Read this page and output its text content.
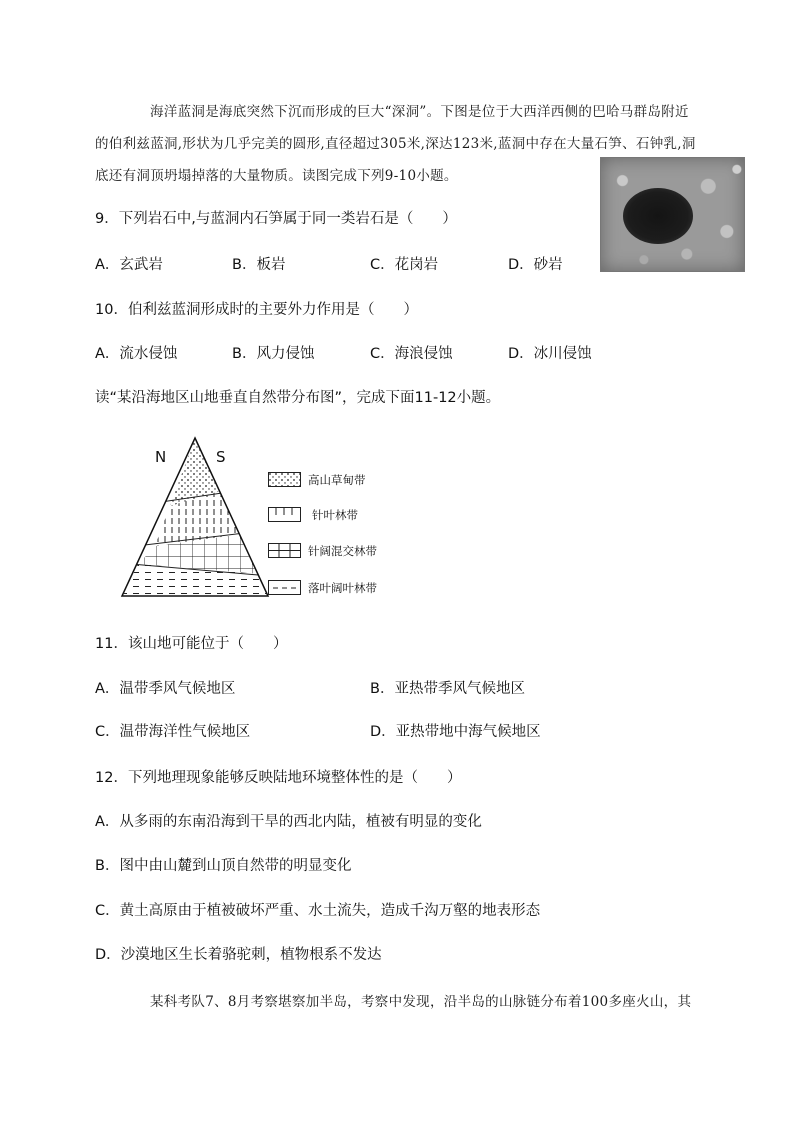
海洋蓝洞是海底突然下沉而形成的巨大“深洞”。下图是位于大西洋西侧的巴哈马群岛附近
的伯利兹蓝洞,形状为几乎完美的圆形,直径超过305米,深达123米,蓝洞中存在大量石笋、石钟乳,洞
底还有洞顶坍塌掉落的大量物质。读图完成下列9-10小题。
9．下列岩石中,与蓝洞内石笋属于同一类岩石是（　　）
A．玄武岩	B．板岩	C．花岗岩	D．砂岩
10．伯利兹蓝洞形成时的主要外力作用是（　　）
A．流水侵蚀	B．风力侵蚀	C．海浪侵蚀	D．冰川侵蚀
读“某沿海地区山地垂直自然带分布图”，完成下面11-12小题。
N	S
高山草甸带
针叶林带
针阔混交林带
落叶阔叶林带
11．该山地可能位于（　　）
A．温带季风气候地区	B．亚热带季风气候地区
C．温带海洋性气候地区	D．亚热带地中海气候地区
12．下列地理现象能够反映陆地环境整体性的是（　　）
A．从多雨的东南沿海到干旱的西北内陆，植被有明显的变化
B．图中由山麓到山顶自然带的明显变化
C．黄土高原由于植被破坏严重、水土流失，造成千沟万壑的地表形态
D．沙漠地区生长着骆驼刺，植物根系不发达
某科考队7、8月考察堪察加半岛，考察中发现，沿半岛的山脉链分布着100多座火山，其
